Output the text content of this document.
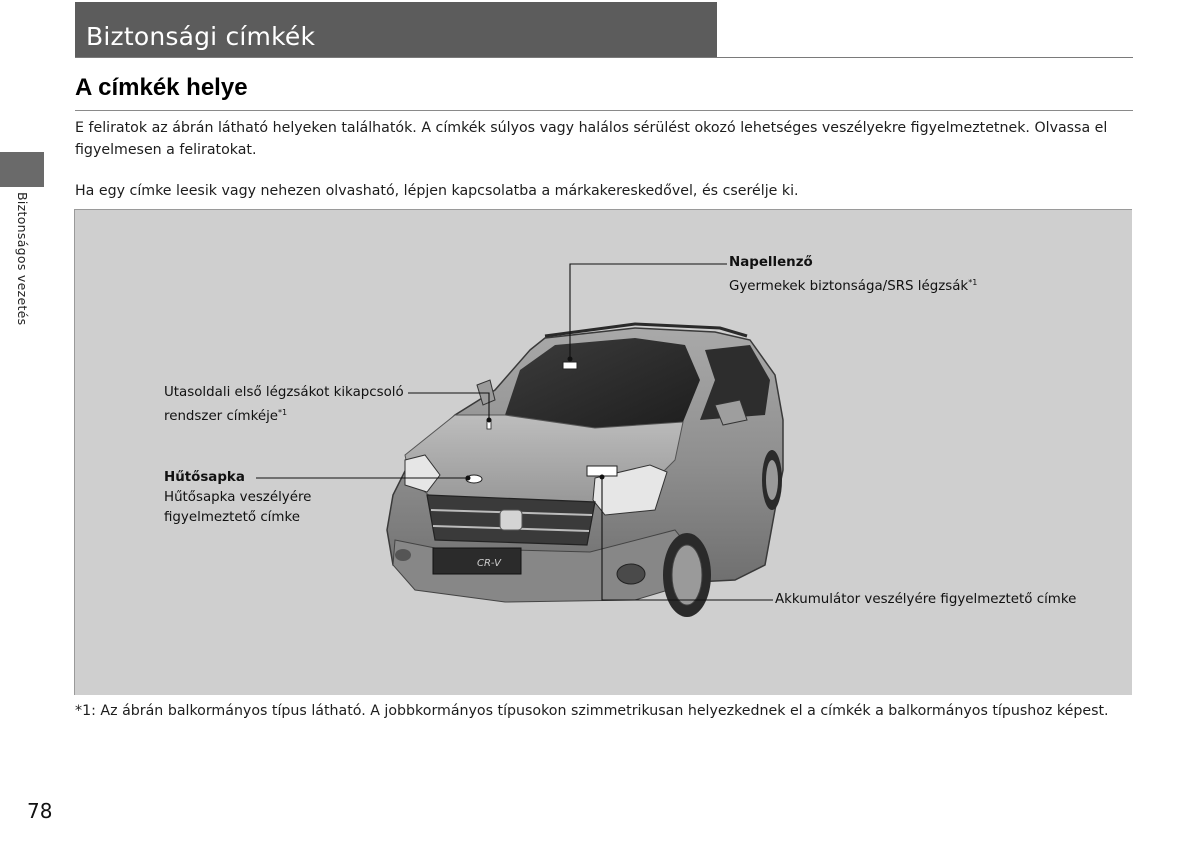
Biztonsági címkék
Biztonságos vezetés
A címkék helye

E feliratok az ábrán látható helyeken találhatók. A címkék súlyos vagy halálos sérülést okozó lehetséges veszélyekre figyelmeztetnek. Olvassa el figyelmesen a feliratokat.

Ha egy címke leesik vagy nehezen olvasható, lépjen kapcsolatba a márkakereskedővel, és cserélje ki.

CR-V
Napellenző
Gyermekek biztonsága/SRS légzsák$^{*1}$
Utasoldali első légzsákot kikapcsoló
rendszer címkéje$^{*1}$
Hűtősapka
Hűtősapka veszélyére
figyelmeztető címke
Akkumulátor veszélyére figyelmeztető címke

*1: Az ábrán balkormányos típus látható. A jobbkormányos típusokon szimmetrikusan helyezkednek el a címkék a balkormányos típushoz képest.

78
